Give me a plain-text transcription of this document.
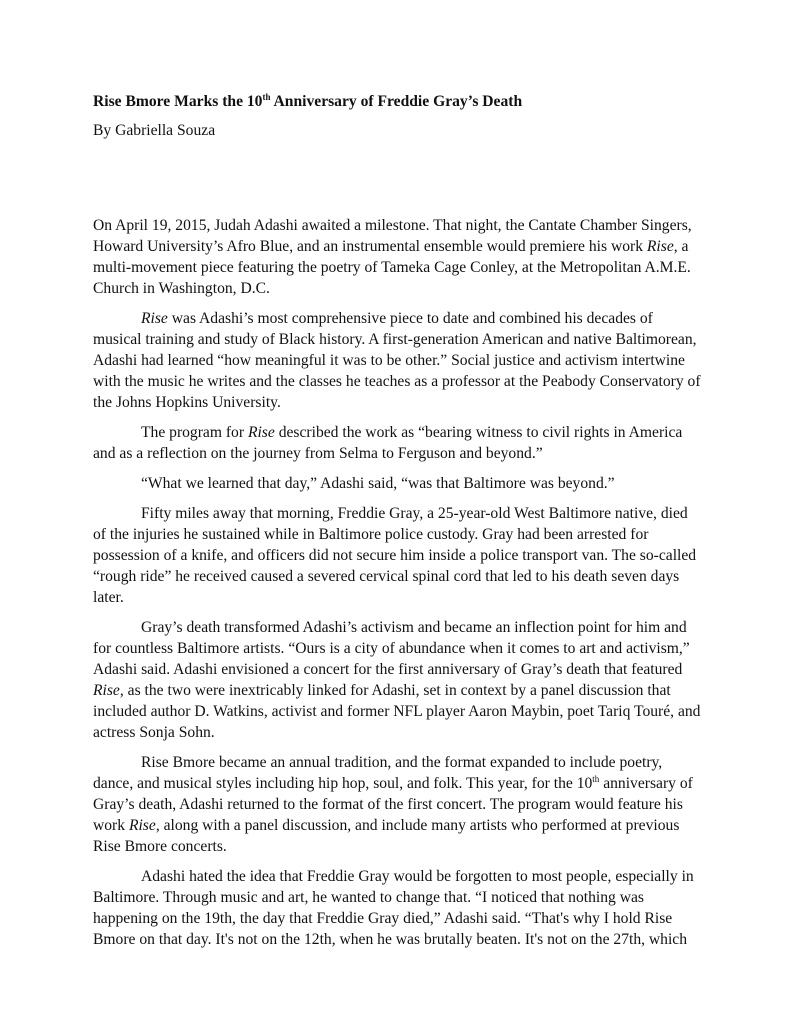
Rise Bmore Marks the 10th Anniversary of Freddie Gray’s Death
By Gabriella Souza
On April 19, 2015, Judah Adashi awaited a milestone. That night, the Cantate Chamber Singers,
Howard University’s Afro Blue, and an instrumental ensemble would premiere his work Rise, a
multi-movement piece featuring the poetry of Tameka Cage Conley, at the Metropolitan A.M.E.
Church in Washington, D.C.
Rise was Adashi’s most comprehensive piece to date and combined his decades of
musical training and study of Black history. A first-generation American and native Baltimorean,
Adashi had learned “how meaningful it was to be other.” Social justice and activism intertwine
with the music he writes and the classes he teaches as a professor at the Peabody Conservatory of
the Johns Hopkins University.
The program for Rise described the work as “bearing witness to civil rights in America
and as a reflection on the journey from Selma to Ferguson and beyond.”
“What we learned that day,” Adashi said, “was that Baltimore was beyond.”
Fifty miles away that morning, Freddie Gray, a 25-year-old West Baltimore native, died
of the injuries he sustained while in Baltimore police custody. Gray had been arrested for
possession of a knife, and officers did not secure him inside a police transport van. The so-called
“rough ride” he received caused a severed cervical spinal cord that led to his death seven days
later.
Gray’s death transformed Adashi’s activism and became an inflection point for him and
for countless Baltimore artists. “Ours is a city of abundance when it comes to art and activism,”
Adashi said. Adashi envisioned a concert for the first anniversary of Gray’s death that featured
Rise, as the two were inextricably linked for Adashi, set in context by a panel discussion that
included author D. Watkins, activist and former NFL player Aaron Maybin, poet Tariq Touré, and
actress Sonja Sohn.
Rise Bmore became an annual tradition, and the format expanded to include poetry,
dance, and musical styles including hip hop, soul, and folk. This year, for the 10th anniversary of
Gray’s death, Adashi returned to the format of the first concert. The program would feature his
work Rise, along with a panel discussion, and include many artists who performed at previous
Rise Bmore concerts.
Adashi hated the idea that Freddie Gray would be forgotten to most people, especially in
Baltimore. Through music and art, he wanted to change that. “I noticed that nothing was
happening on the 19th, the day that Freddie Gray died,” Adashi said. “That's why I hold Rise
Bmore on that day. It's not on the 12th, when he was brutally beaten. It's not on the 27th, which
